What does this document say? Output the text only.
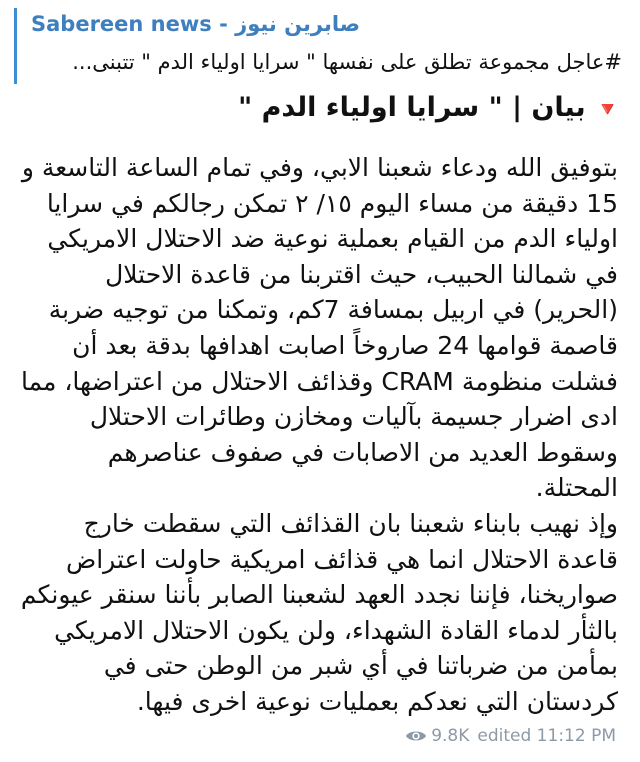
Sabereen news - صابرين نيوز
#عاجل مجموعة تطلق على نفسها " سرايا اولياء الدم " تتبنى...
🔻 بيان | " سرايا اولياء الدم "

بتوفيق الله ودعاء شعبنا الابي، وفي تمام الساعة التاسعة و 15 دقيقة من مساء اليوم ١٥/ ٢ تمكن رجالكم في سرايا اولياء الدم من القيام بعملية نوعية ضد الاحتلال الامريكي في شمالنا الحبيب، حيث اقتربنا من قاعدة الاحتلال (الحرير) في اربيل بمسافة 7كم، وتمكنا من توجيه ضربة قاصمة قوامها 24 صاروخاً اصابت اهدافها بدقة بعد أن فشلت منظومة CRAM وقذائف الاحتلال من اعتراضها، مما ادى اضرار جسيمة بآليات ومخازن وطائرات الاحتلال وسقوط العديد من الاصابات في صفوف عناصرهم المحتلة.

وإذ نهيب بابناء شعبنا بان القذائف التي سقطت خارج قاعدة الاحتلال انما هي قذائف امريكية حاولت اعتراض صواريخنا، فإننا نجدد العهد لشعبنا الصابر بأننا سنقر عيونكم بالثأر لدماء القادة الشهداء، ولن يكون الاحتلال الامريكي بمأمن من ضرباتنا في أي شبر من الوطن حتى في كردستان التي نعدكم بعمليات نوعية اخرى فيها.

9.8K edited 11:12 PM
